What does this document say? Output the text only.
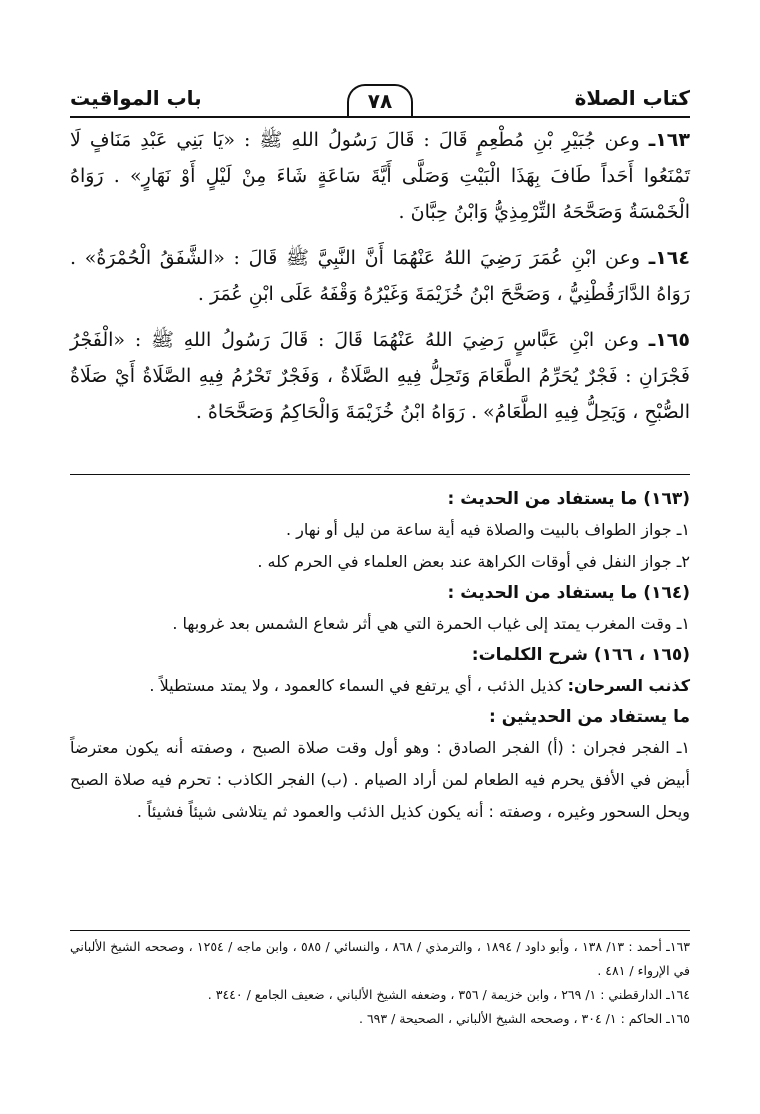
كتاب الصلاة
٧٨
باب المواقيت

١٦٣ـ وعن جُبَيْرِ بْنِ مُطْعِمٍ قَالَ : قَالَ رَسُولُ اللهِ ﷺ : «يَا بَنِي عَبْدِ مَنَافٍ لَا تَمْنَعُوا أَحَداً طَافَ بِهَذَا الْبَيْتِ وَصَلَّى أَيَّةَ سَاعَةٍ شَاءَ مِنْ لَيْلٍ أَوْ نَهَارٍ» . رَوَاهُ الْخَمْسَةُ وَصَحَّحَهُ التِّرْمِذِيُّ وَابْنُ حِبَّانَ .

١٦٤ـ وعن ابْنِ عُمَرَ رَضِيَ اللهُ عَنْهُمَا أَنَّ النَّبِيَّ ﷺ قَالَ : «الشَّفَقُ الْحُمْرَةُ» . رَوَاهُ الدَّارَقُطْنِيُّ ، وَصَحَّحَ ابْنُ خُزَيْمَةَ وَغَيْرُهُ وَقْفَهُ عَلَى ابْنِ عُمَرَ .

١٦٥ـ وعن ابْنِ عَبَّاسٍ رَضِيَ اللهُ عَنْهُمَا قَالَ : قَالَ رَسُولُ اللهِ ﷺ : «الْفَجْرُ فَجْرَانِ : فَجْرٌ يُحَرِّمُ الطَّعَامَ وَتَحِلُّ فِيهِ الصَّلَاةُ ، وَفَجْرٌ تَحْرُمُ فِيهِ الصَّلَاةُ أَيْ صَلَاةُ الصُّبْحِ ، وَيَحِلُّ فِيهِ الطَّعَامُ» . رَوَاهُ ابْنُ خُزَيْمَةَ وَالْحَاكِمُ وَصَحَّحَاهُ .

(١٦٣) ما يستفاد من الحديث :

١ـ جواز الطواف بالبيت والصلاة فيه أية ساعة من ليل أو نهار .

٢ـ جواز النفل في أوقات الكراهة عند بعض العلماء في الحرم كله .

(١٦٤) ما يستفاد من الحديث :

١ـ وقت المغرب يمتد إلى غياب الحمرة التي هي أثر شعاع الشمس بعد غروبها .

(١٦٥ ، ١٦٦) شرح الكلمات:

كذنب السرحان: كذيل الذئب ، أي يرتفع في السماء كالعمود ، ولا يمتد مستطيلاً .

ما يستفاد من الحديثين :

١ـ الفجر فجران : (أ) الفجر الصادق : وهو أول وقت صلاة الصبح ، وصفته أنه يكون معترضاً أبيض في الأفق يحرم فيه الطعام لمن أراد الصيام . (ب) الفجر الكاذب : تحرم فيه صلاة الصبح ويحل السحور وغيره ، وصفته : أنه يكون كذيل الذئب والعمود ثم يتلاشى شيئاً فشيئاً .

١٦٣ـ أحمد : ١٣/ ١٣٨ ، وأبو داود / ١٨٩٤ ، والترمذي / ٨٦٨ ، والنسائي / ٥٨٥ ، وابن ماجه / ١٢٥٤ ، وصححه الشيخ الألباني في الإرواء / ٤٨١ .

١٦٤ـ الدارقطني : ١/ ٢٦٩ ، وابن خزيمة / ٣٥٦ ، وضعفه الشيخ الألباني ، ضعيف الجامع / ٣٤٤٠ .

١٦٥ـ الحاكم : ١/ ٣٠٤ ، وصححه الشيخ الألباني ، الصحيحة / ٦٩٣ .
